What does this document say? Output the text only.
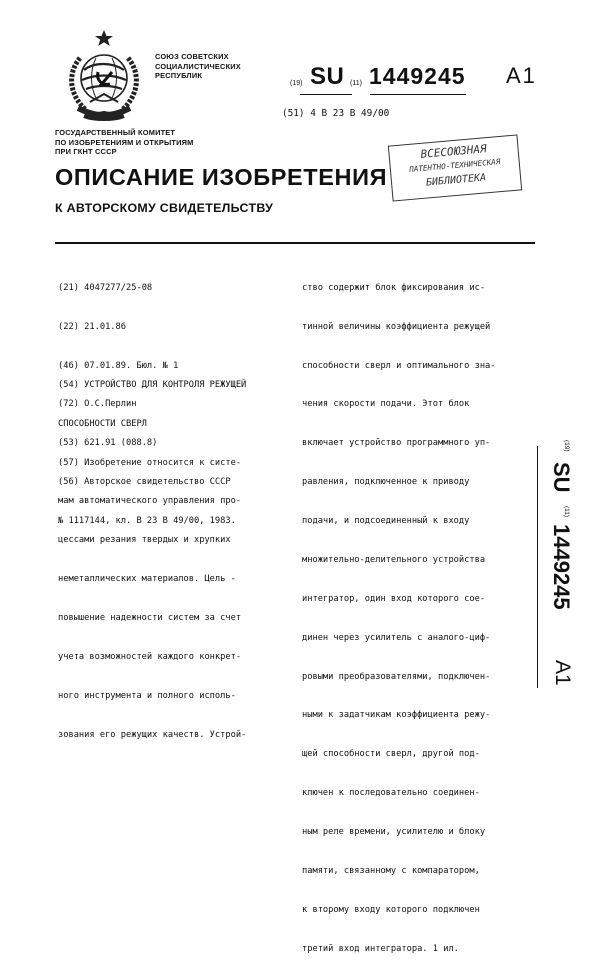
СОЮЗ СОВЕТСКИХ
СОЦИАЛИСТИЧЕСКИХ
РЕСПУБЛИК
(19) SU (11) 1449245 A1
(51) 4 В 23 В 49/00
ГОСУДАРСТВЕННЫЙ КОМИТЕТ
ПО ИЗОБРЕТЕНИЯМ И ОТКРЫТИЯМ
ПРИ ГКНТ СССР	ВСЕСОЮЗНАЯ
ПАТЕНТНО-ТЕХНИЧЕСКАЯ
БИБЛИОТЕКА
ОПИСАНИЕ ИЗОБРЕТЕНИЯ
К АВТОРСКОМУ СВИДЕТЕЛЬСТВУ

(21) 4047277/25-08

(22) 21.01.86

(46) 07.01.89. Бюл. № 1

(72) О.С.Перлин

(53) 621.91 (088.8)

(56) Авторское свидетельство СССР

№ 1117144, кл. В 23 В 49/00, 1983.

(54) УСТРОЙСТВО ДЛЯ КОНТРОЛЯ РЕЖУЩЕЙ

СПОСОБНОСТИ СВЕРЛ

(57) Изобретение относится к систе-

мам автоматического управления про-

цессами резания твердых и хрупких

неметаллических материалов. Цель -

повышение надежности систем за счет

учета возможностей каждого конкрет-

ного инструмента и полного исполь-

зования его режущих качеств. Устрой-

ство содержит блок фиксирования ис-

тинной величины коэффициента режущей

способности сверл и оптимального зна-

чения скорости подачи. Этот блок

включает устройство программного уп-

равления, подключенное к приводу

подачи, и подсоединенный к входу

множительно-делительного устройства

интегратор, один вход которого сое-

динен через усилитель с аналого-циф-

ровыми преобразователями, подключен-

ными к задатчикам коэффициента режу-

щей способности сверл, другой под-

ключен к последовательно соединен-

ным реле времени, усилителю и блоку

памяти, связанному с компаратором,

к второму входу которого подключен

третий вход интегратора. 1 ил.

(19)
SU
(11)
1449245
A1
